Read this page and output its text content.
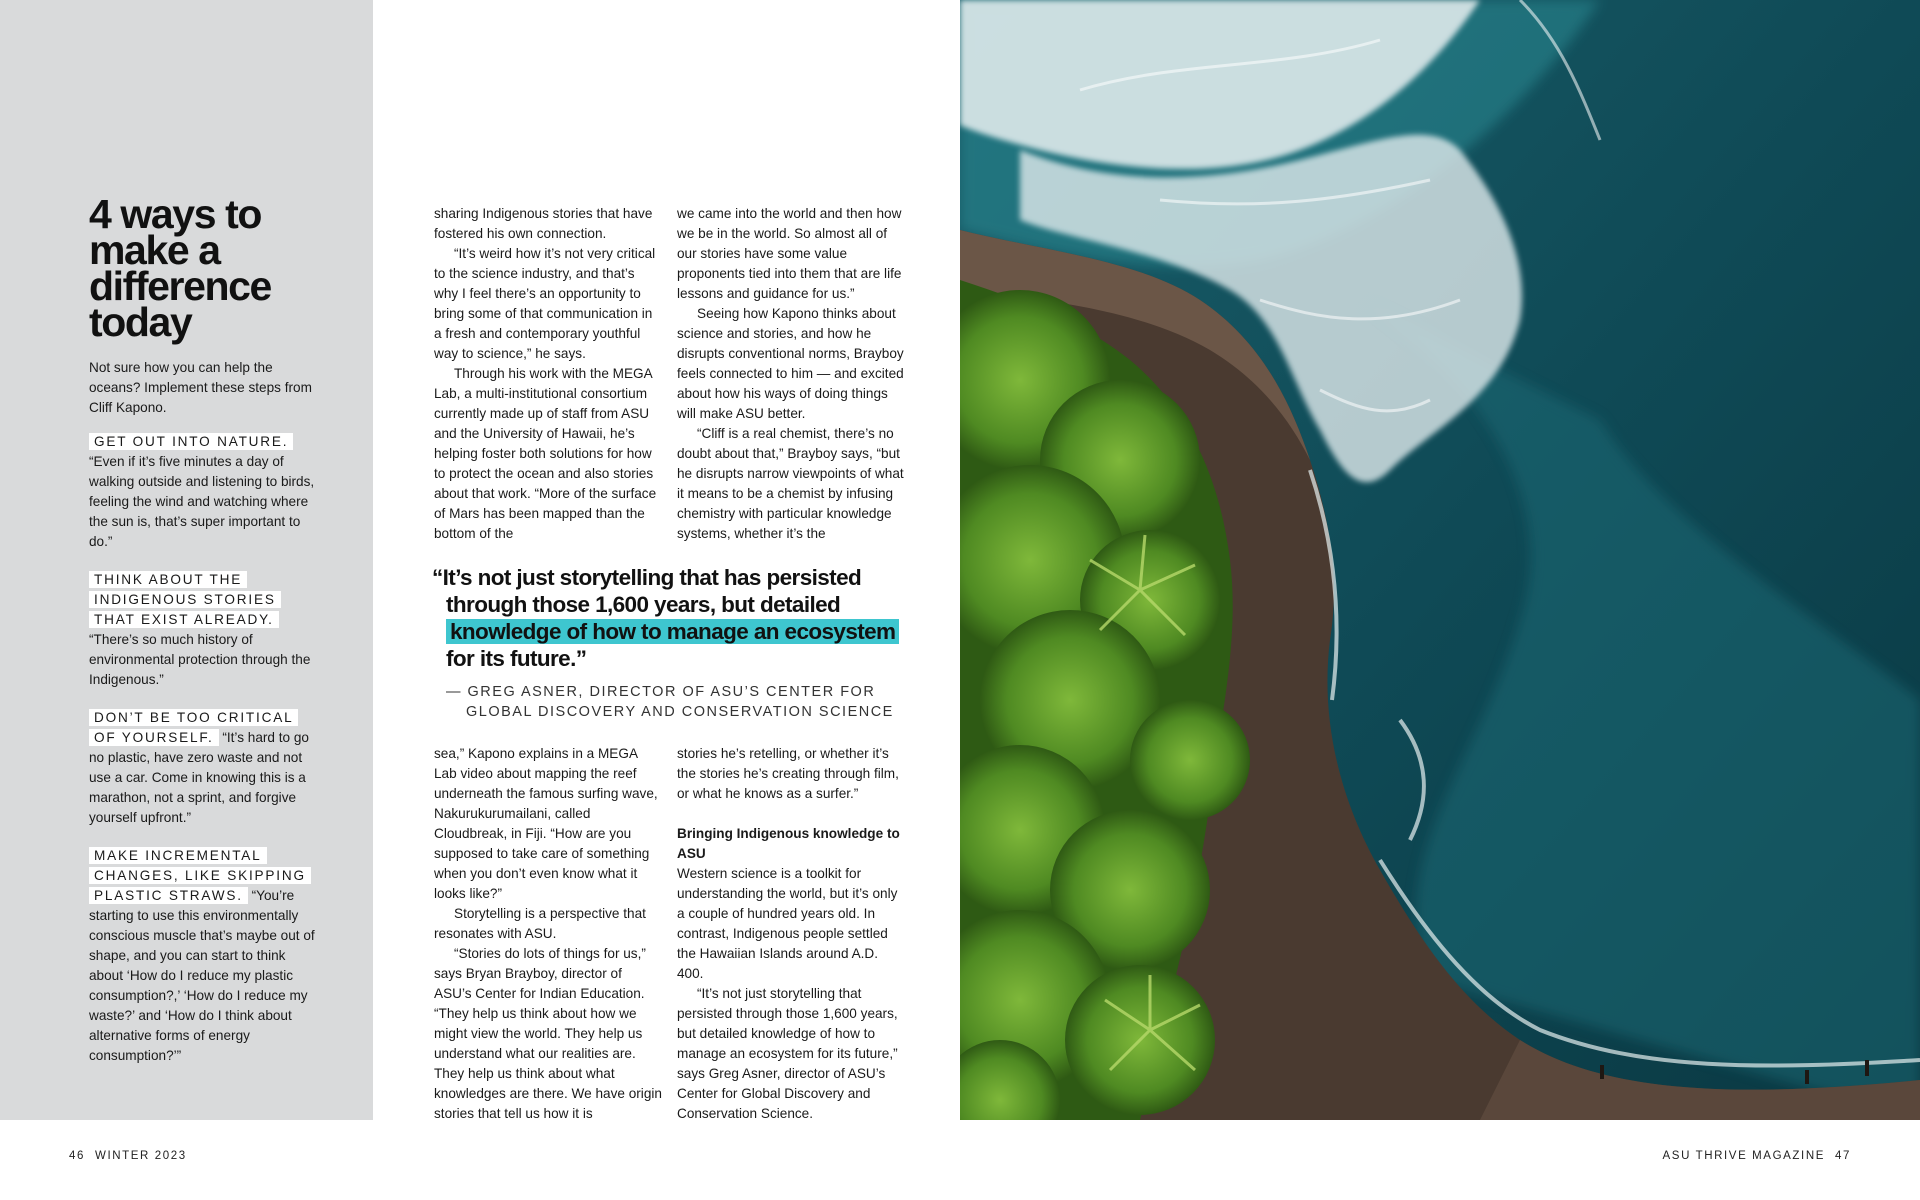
4 ways to make a difference today

Not sure how you can help the oceans? Implement these steps from Cliff Kapono.

GET OUT INTO NATURE.
“Even if it’s five minutes a day of walking outside and listening to birds, feeling the wind and watching where the sun is, that’s super important to do.”

THINK ABOUT THE INDIGENOUS STORIES THAT EXIST ALREADY.
“There’s so much history of environmental protection through the Indigenous.”

DON’T BE TOO CRITICAL OF YOURSELF. “It’s hard to go no plastic, have zero waste and not use a car. Come in knowing this is a marathon, not a sprint, and forgive yourself upfront.”

MAKE INCREMENTAL CHANGES, LIKE SKIPPING PLASTIC STRAWS. “You’re starting to use this environmentally conscious muscle that’s maybe out of shape, and you can start to think about ‘How do I reduce my plastic consumption?,’ ‘How do I reduce my waste?’ and ‘How do I think about alternative forms of energy consumption?’”

sharing Indigenous stories that have fostered his own connection.

“It’s weird how it’s not very critical to the science industry, and that’s why I feel there’s an opportunity to bring some of that communication in a fresh and contemporary youthful way to science,” he says.

Through his work with the MEGA Lab, a multi-institutional consortium currently made up of staff from ASU and the University of Hawaii, he’s helping foster both solutions for how to protect the ocean and also stories about that work. “More of the surface of Mars has been mapped than the bottom of the

we came into the world and then how we be in the world. So almost all of our stories have some value proponents tied into them that are life lessons and guidance for us.”

Seeing how Kapono thinks about science and stories, and how he disrupts conventional norms, Brayboy feels connected to him — and excited about how his ways of doing things will make ASU better.

“Cliff is a real chemist, there’s no doubt about that,” Brayboy says, “but he disrupts narrow viewpoints of what it means to be a chemist by infusing chemistry with particular knowledge systems, whether it’s the

“It’s not just storytelling that has persisted through those 1,600 years, but detailed knowledge of how to manage an ecosystem for its future.”

— GREG ASNER, DIRECTOR OF ASU’S CENTER FOR GLOBAL DISCOVERY AND CONSERVATION SCIENCE

sea,” Kapono explains in a MEGA Lab video about mapping the reef underneath the famous surfing wave, Nakurukurumailani, called Cloudbreak, in Fiji. “How are you supposed to take care of something when you don’t even know what it looks like?”

Storytelling is a perspective that resonates with ASU.

“Stories do lots of things for us,” says Bryan Brayboy, director of ASU’s Center for Indian Education. “They help us think about how we might view the world. They help us understand what our realities are. They help us think about what knowledges are there. We have origin stories that tell us how it is

stories he’s retelling, or whether it’s the stories he’s creating through film, or what he knows as a surfer.”

Bringing Indigenous knowledge to ASU

Western science is a toolkit for understanding the world, but it’s only a couple of hundred years old. In contrast, Indigenous people settled the Hawaiian Islands around A.D. 400.

“It’s not just storytelling that persisted through those 1,600 years, but detailed knowledge of how to manage an ecosystem for its future,” says Greg Asner, director of ASU’s Center for Global Discovery and Conservation Science.

46 WINTER 2023	ASU THRIVE MAGAZINE 47
